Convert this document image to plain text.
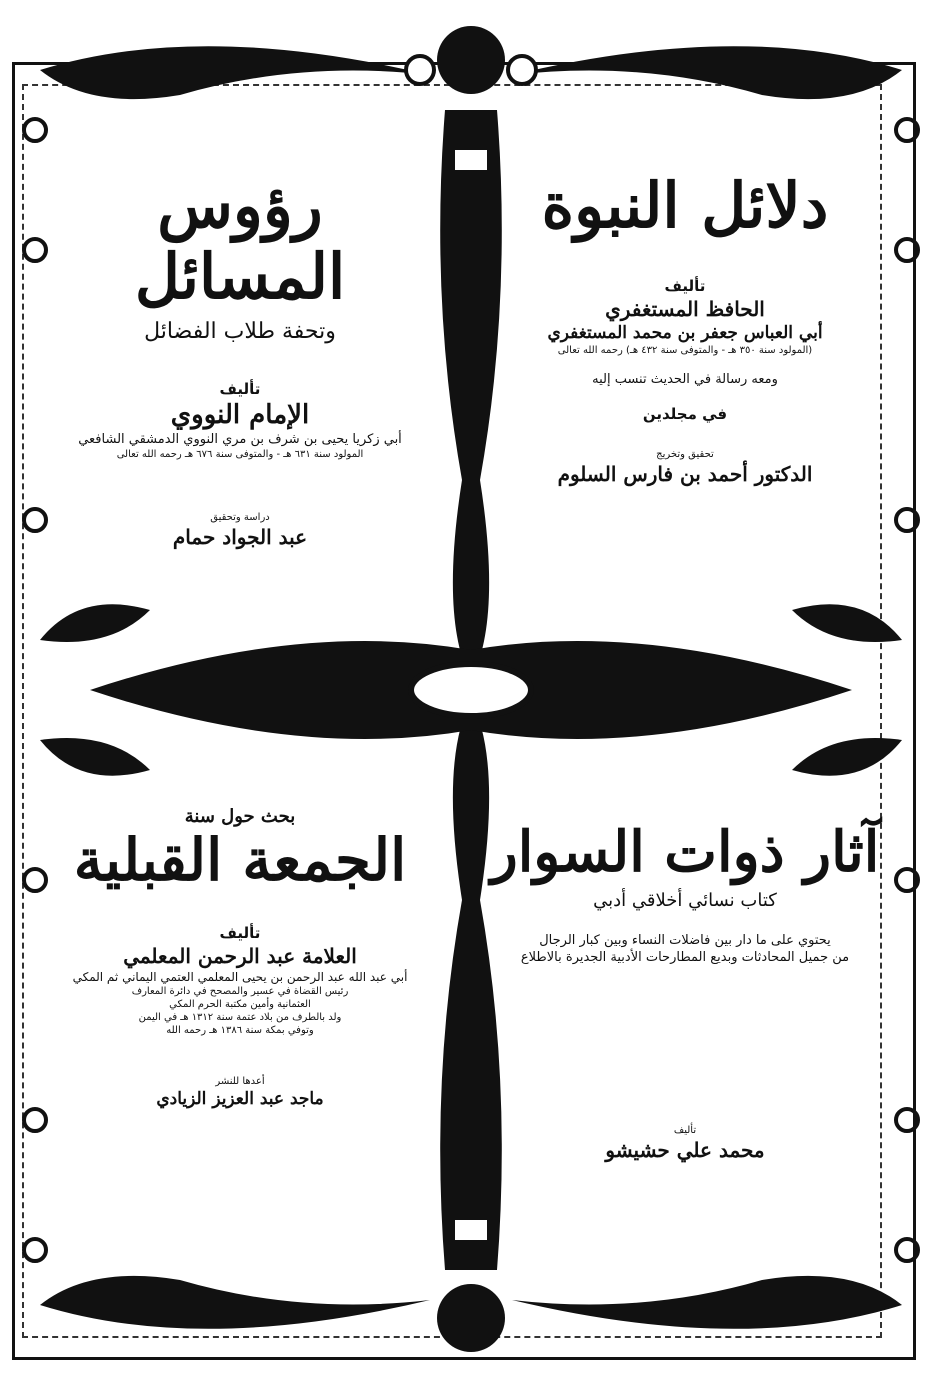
دلائل النبوة
تأليف
الحافظ المستغفري
أبي العباس جعفر بن محمد المستغفري
(المولود سنة ٣٥٠ هـ - والمتوفى سنة ٤٣٢ هـ) رحمه الله تعالى
ومعه رسالة في الحديث تنسب إليه
في مجلدين
تحقيق وتخريج
الدكتور أحمد بن فارس السلوم
رؤوس المسائل
وتحفة طلاب الفضائل
تأليف
الإمام النووي
أبي زكريا يحيى بن شرف بن مري النووي الدمشقي الشافعي
المولود سنة ٦٣١ هـ - والمتوفى سنة ٦٧٦ هـ رحمه الله تعالى
دراسة وتحقيق
عبد الجواد حمام
آثار ذوات السوار
كتاب نسائي أخلاقي أدبي
يحتوي على ما دار بين فاضلات النساء وبين كبار الرجال
من جميل المحادثات وبديع المطارحات الأدبية الجديرة بالاطلاع
تأليف
محمد علي حشيشو
بحث حول سنة
الجمعة القبلية
تأليف
العلامة عبد الرحمن المعلمي
أبي عبد الله عبد الرحمن بن يحيى المعلمي العتمي اليماني ثم المكي
رئيس القضاة في عسير والمصحح في دائرة المعارف
العثمانية وأمين مكتبة الحرم المكي
ولد بالطرف من بلاد عتمة سنة ١٣١٢ هـ في اليمن
وتوفي بمكة سنة ١٣٨٦ هـ رحمه الله
أعدها للنشر
ماجد عبد العزيز الزيادي
